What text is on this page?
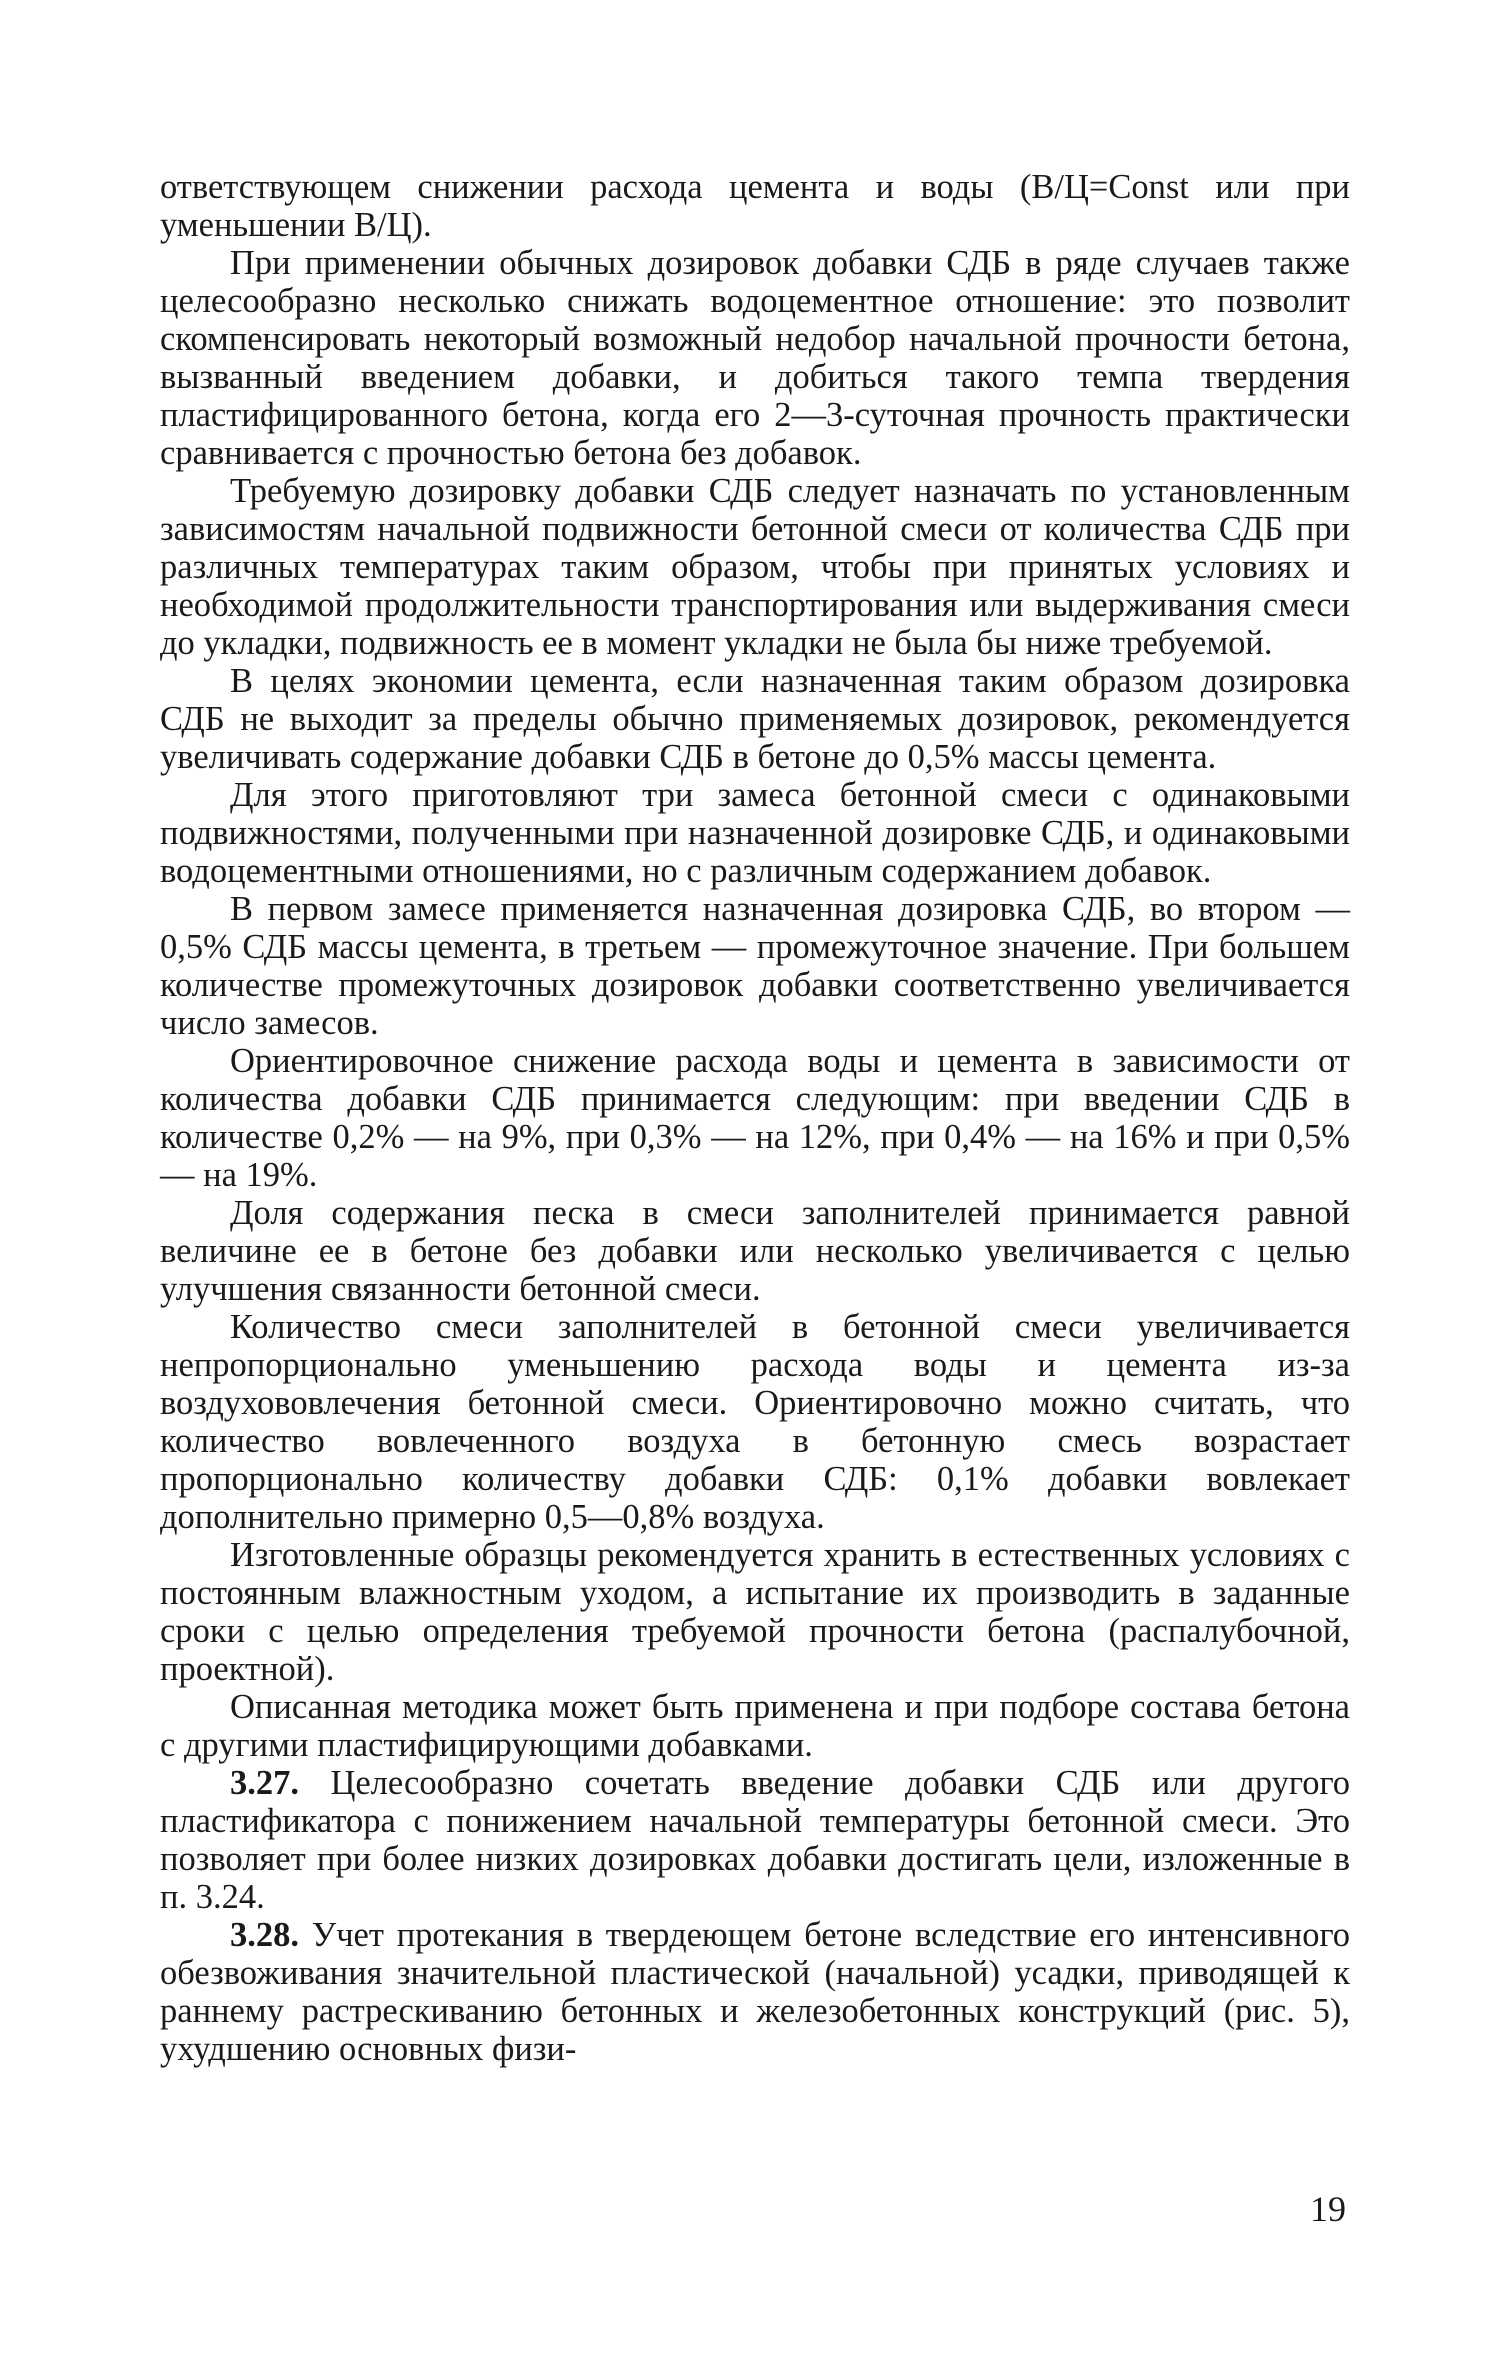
ответствующем снижении расхода цемента и воды (В/Ц=Const или при уменьшении В/Ц).

При применении обычных дозировок добавки СДБ в ряде случаев также целесообразно несколько снижать водоцементное отношение: это позволит скомпенсировать некоторый возможный недобор начальной прочности бетона, вызванный введением добавки, и добиться такого темпа твердения пластифицированного бетона, когда его 2—3-суточная прочность практически сравнивается с прочностью бетона без добавок.

Требуемую дозировку добавки СДБ следует назначать по установленным зависимостям начальной подвижности бетонной смеси от количества СДБ при различных температурах таким образом, чтобы при принятых условиях и необходимой продолжительности транспортирования или выдерживания смеси до укладки, подвижность ее в момент укладки не была бы ниже требуемой.

В целях экономии цемента, если назначенная таким образом дозировка СДБ не выходит за пределы обычно применяемых дозировок, рекомендуется увеличивать содержание добавки СДБ в бетоне до 0,5% массы цемента.

Для этого приготовляют три замеса бетонной смеси с одинаковыми подвижностями, полученными при назначенной дозировке СДБ, и одинаковыми водоцементными отношениями, но с различным содержанием добавок.

В первом замесе применяется назначенная дозировка СДБ, во втором — 0,5% СДБ массы цемента, в третьем — промежуточное значение. При большем количестве промежуточных дозировок добавки соответственно увеличивается число замесов.

Ориентировочное снижение расхода воды и цемента в зависимости от количества добавки СДБ принимается следующим: при введении СДБ в количестве 0,2% — на 9%, при 0,3% — на 12%, при 0,4% — на 16% и при 0,5% — на 19%.

Доля содержания песка в смеси заполнителей принимается равной величине ее в бетоне без добавки или несколько увеличивается с целью улучшения связанности бетонной смеси.

Количество смеси заполнителей в бетонной смеси увеличивается непропорционально уменьшению расхода воды и цемента из-за воздухововлечения бетонной смеси. Ориентировочно можно считать, что количество вовлеченного воздуха в бетонную смесь возрастает пропорционально количеству добавки СДБ: 0,1% добавки вовлекает дополнительно примерно 0,5—0,8% воздуха.

Изготовленные образцы рекомендуется хранить в естественных условиях с постоянным влажностным уходом, а испытание их производить в заданные сроки с целью определения требуемой прочности бетона (распалубочной, проектной).

Описанная методика может быть применена и при подборе состава бетона с другими пластифицирующими добавками.

3.27. Целесообразно сочетать введение добавки СДБ или другого пластификатора с понижением начальной температуры бетонной смеси. Это позволяет при более низких дозировках добавки достигать цели, изложенные в п. 3.24.

3.28. Учет протекания в твердеющем бетоне вследствие его интенсивного обезвоживания значительной пластической (начальной) усадки, приводящей к раннему растрескиванию бетонных и железобетонных конструкций (рис. 5), ухудшению основных физи-

19
